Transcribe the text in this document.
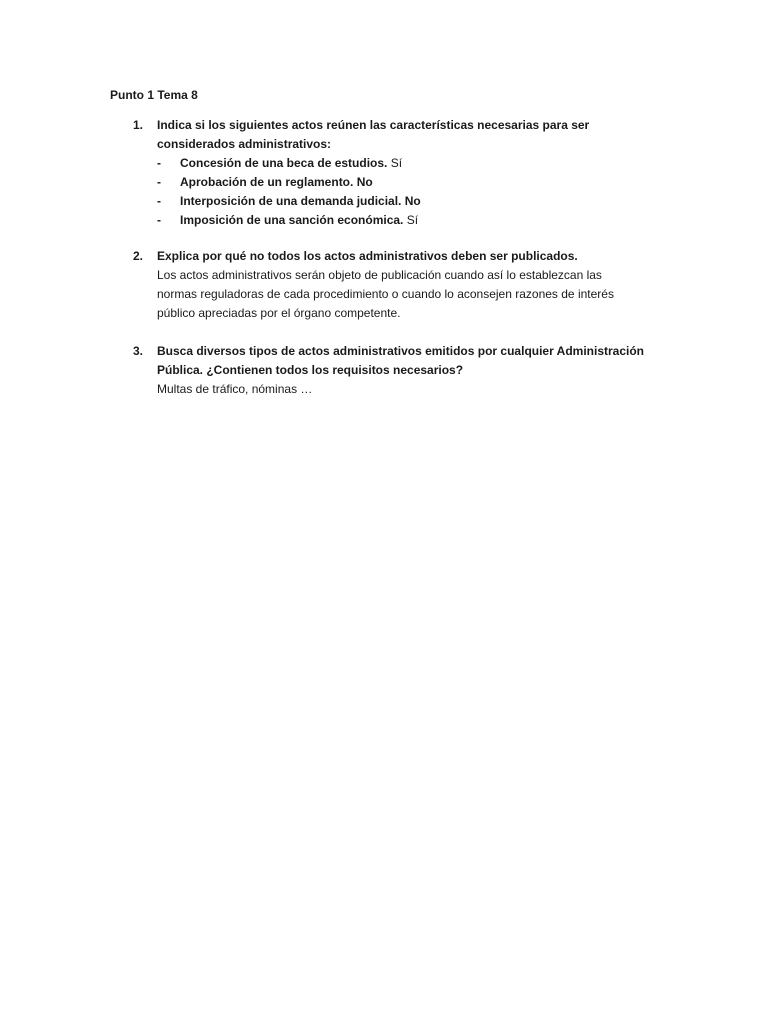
Punto 1 Tema 8
1. Indica si los siguientes actos reúnen las características necesarias para ser
considerados administrativos:
- Concesión de una beca de estudios. Sí
- Aprobación de un reglamento. No
- Interposición de una demanda judicial. No
- Imposición de una sanción económica. Sí
2. Explica por qué no todos los actos administrativos deben ser publicados.
Los actos administrativos serán objeto de publicación cuando así lo establezcan las
normas reguladoras de cada procedimiento o cuando lo aconsejen razones de interés
público apreciadas por el órgano competente.
3. Busca diversos tipos de actos administrativos emitidos por cualquier Administración
Pública. ¿Contienen todos los requisitos necesarios?
Multas de tráfico, nóminas …
